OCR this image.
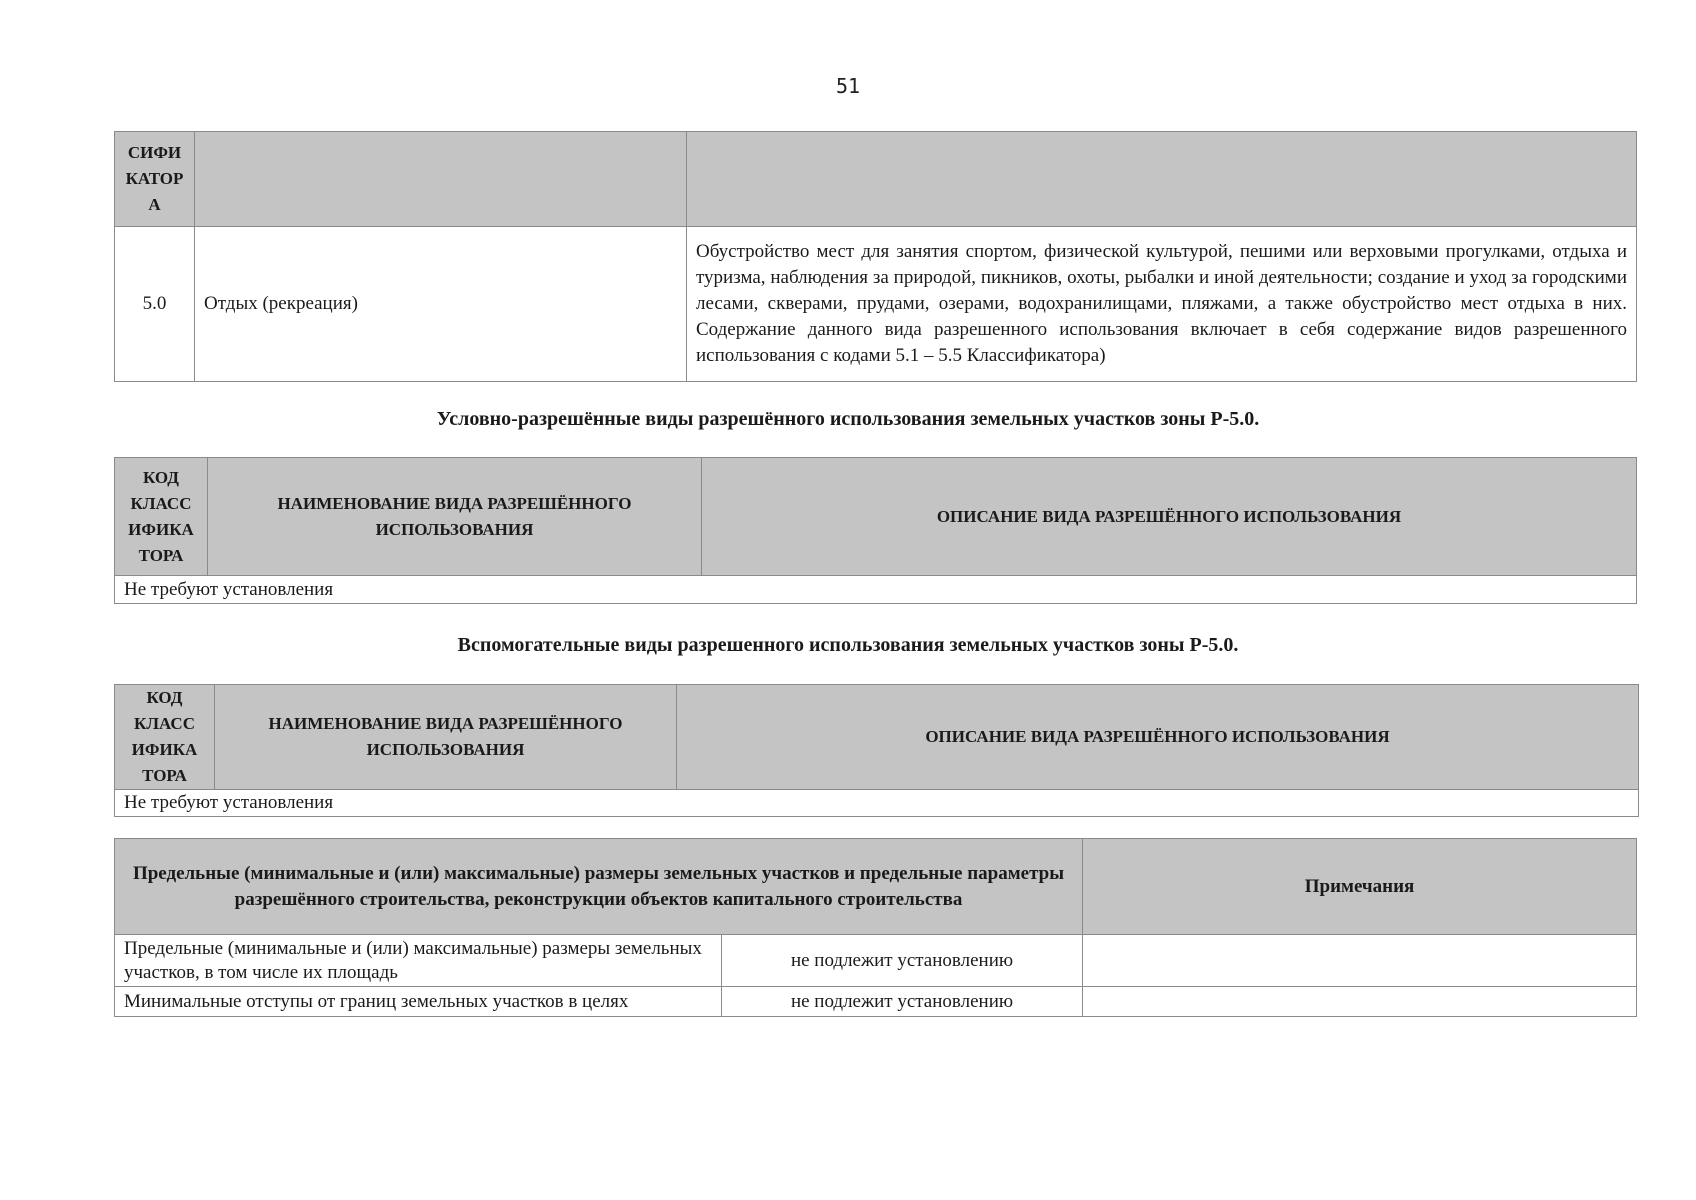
51
СИФИ КАТОР А		
5.0	Отдых (рекреация)	Обустройство мест для занятия спортом, физической культурой, пешими или верховыми прогулками, отдыха и туризма, наблюдения за природой, пикников, охоты, рыбалки и иной деятельности; создание и уход за городскими лесами, скверами, прудами, озерами, водохранилищами, пляжами, а также обустройство мест отдыха в них. Содержание данного вида разрешенного использования включает в себя содержание видов разрешенного использования с кодами 5.1 – 5.5 Классификатора)
Условно-разрешённые виды разрешённого использования земельных участков зоны Р-5.0.
КОД КЛАСС ИФИКА ТОРА	НАИМЕНОВАНИЕ ВИДА РАЗРЕШЁННОГО ИСПОЛЬЗОВАНИЯ	ОПИСАНИЕ ВИДА РАЗРЕШЁННОГО ИСПОЛЬЗОВАНИЯ
Не требуют установления
Вспомогательные виды разрешенного использования земельных участков зоны Р-5.0.
КОД КЛАСС ИФИКА ТОРА	НАИМЕНОВАНИЕ ВИДА РАЗРЕШЁННОГО ИСПОЛЬЗОВАНИЯ	ОПИСАНИЕ ВИДА РАЗРЕШЁННОГО ИСПОЛЬЗОВАНИЯ
Не требуют установления
Предельные (минимальные и (или) максимальные) размеры земельных участков и предельные параметры разрешённого строительства, реконструкции объектов капитального строительства		Примечания
Предельные (минимальные и (или) максимальные) размеры земельных участков, в том числе их площадь	не подлежит установлению	
Минимальные отступы от границ земельных участков в целях	не подлежит установлению	
